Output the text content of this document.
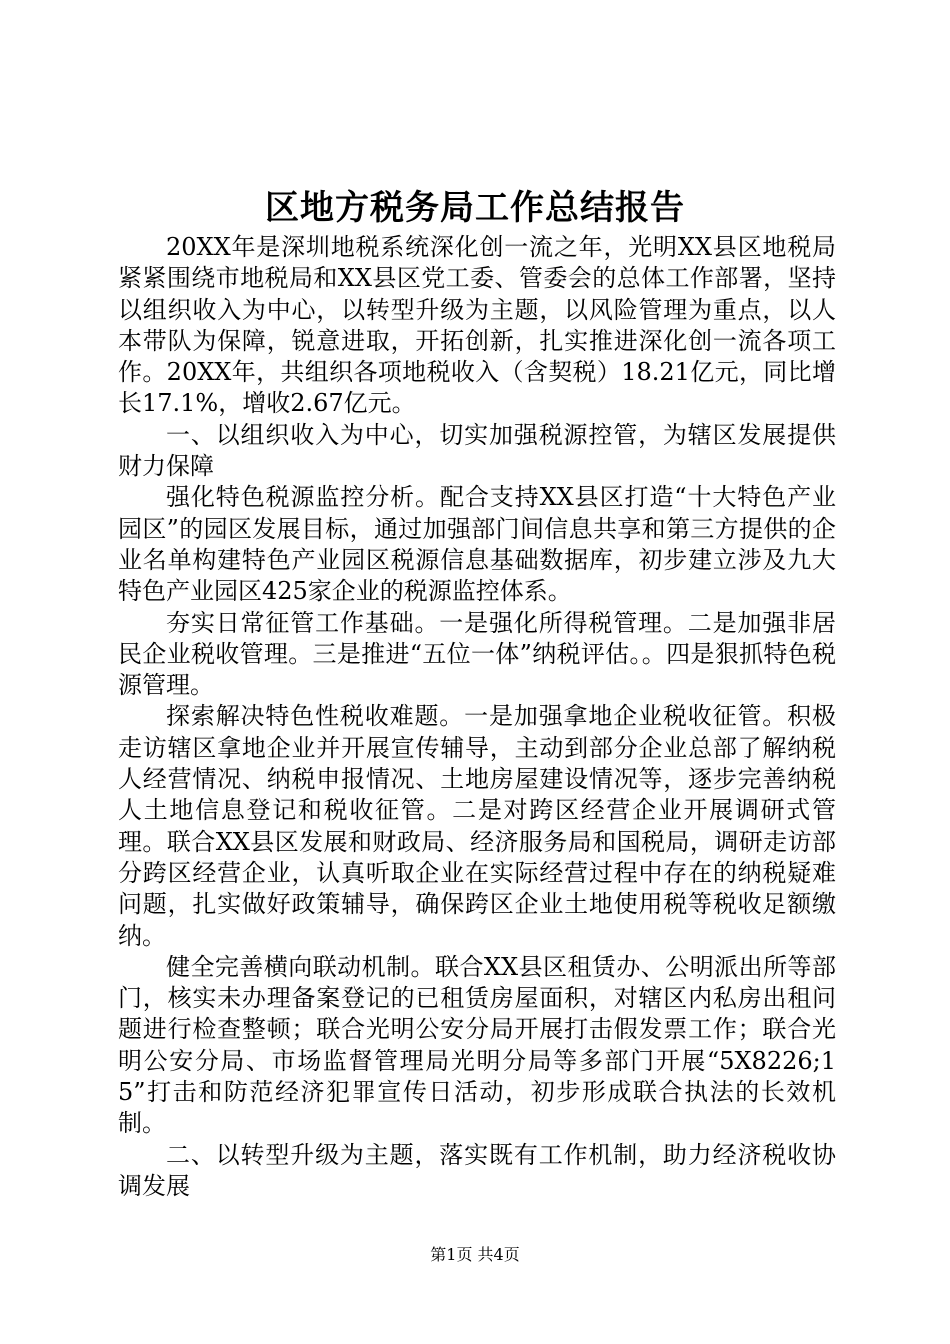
区地方税务局工作总结报告

20XX年是深圳地税系统深化创一流之年，光明XX县区地税局紧紧围绕市地税局和XX县区党工委、管委会的总体工作部署，坚持以组织收入为中心，以转型升级为主题，以风险管理为重点，以人本带队为保障，锐意进取，开拓创新，扎实推进深化创一流各项工作。20XX年，共组织各项地税收入（含契税）18.21亿元，同比增长17.1%，增收2.67亿元。

一、以组织收入为中心，切实加强税源控管，为辖区发展提供财力保障

强化特色税源监控分析。配合支持XX县区打造“十大特色产业园区”的园区发展目标，通过加强部门间信息共享和第三方提供的企业名单构建特色产业园区税源信息基础数据库，初步建立涉及九大特色产业园区425家企业的税源监控体系。

夯实日常征管工作基础。一是强化所得税管理。二是加强非居民企业税收管理。三是推进“五位一体”纳税评估。。四是狠抓特色税源管理。

探索解决特色性税收难题。一是加强拿地企业税收征管。积极走访辖区拿地企业并开展宣传辅导，主动到部分企业总部了解纳税人经营情况、纳税申报情况、土地房屋建设情况等，逐步完善纳税人土地信息登记和税收征管。二是对跨区经营企业开展调研式管理。联合XX县区发展和财政局、经济服务局和国税局，调研走访部分跨区经营企业，认真听取企业在实际经营过程中存在的纳税疑难问题，扎实做好政策辅导，确保跨区企业土地使用税等税收足额缴纳。

健全完善横向联动机制。联合XX县区租赁办、公明派出所等部门，核实未办理备案登记的已租赁房屋面积，对辖区内私房出租问题进行检查整顿；联合光明公安分局开展打击假发票工作；联合光明公安分局、市场监督管理局光明分局等多部门开展“5X8226;15”打击和防范经济犯罪宣传日活动，初步形成联合执法的长效机制。

二、以转型升级为主题，落实既有工作机制，助力经济税收协调发展

第1页 共4页
